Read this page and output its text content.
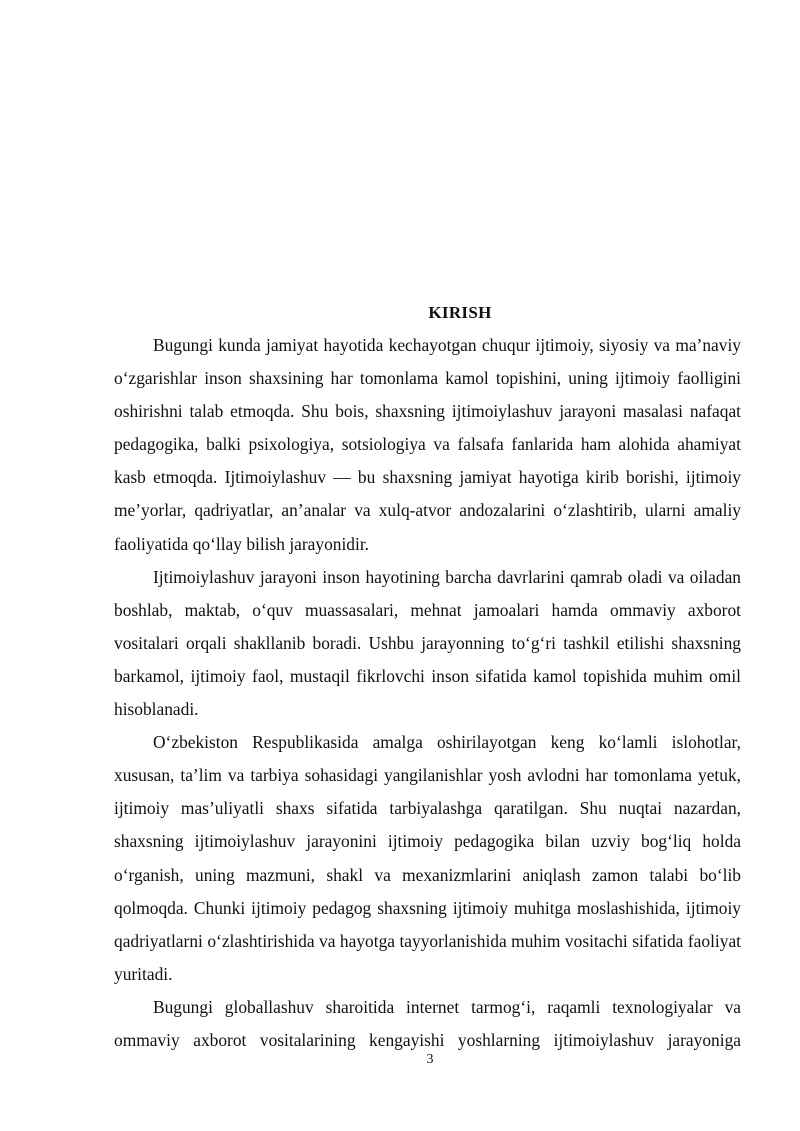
KIRISH

Bugungi kunda jamiyat hayotida kechayotgan chuqur ijtimoiy, siyosiy va ma’naviy o‘zgarishlar inson shaxsining har tomonlama kamol topishini, uning ijtimoiy faolligini oshirishni talab etmoqda. Shu bois, shaxsning ijtimoiylashuv jarayoni masalasi nafaqat pedagogika, balki psixologiya, sotsiologiya va falsafa fanlarida ham alohida ahamiyat kasb etmoqda. Ijtimoiylashuv — bu shaxsning jamiyat hayotiga kirib borishi, ijtimoiy me’yorlar, qadriyatlar, an’analar va xulq-atvor andozalarini o‘zlashtirib, ularni amaliy faoliyatida qo‘llay bilish jarayonidir.

Ijtimoiylashuv jarayoni inson hayotining barcha davrlarini qamrab oladi va oiladan boshlab, maktab, o‘quv muassasalari, mehnat jamoalari hamda ommaviy axborot vositalari orqali shakllanib boradi. Ushbu jarayonning to‘g‘ri tashkil etilishi shaxsning barkamol, ijtimoiy faol, mustaqil fikrlovchi inson sifatida kamol topishida muhim omil hisoblanadi.

O‘zbekiston Respublikasida amalga oshirilayotgan keng ko‘lamli islohotlar, xususan, ta’lim va tarbiya sohasidagi yangilanishlar yosh avlodni har tomonlama yetuk, ijtimoiy mas’uliyatli shaxs sifatida tarbiyalashga qaratilgan. Shu nuqtai nazardan, shaxsning ijtimoiylashuv jarayonini ijtimoiy pedagogika bilan uzviy bog‘liq holda o‘rganish, uning mazmuni, shakl va mexanizmlarini aniqlash zamon talabi bo‘lib qolmoqda. Chunki ijtimoiy pedagog shaxsning ijtimoiy muhitga moslashishida, ijtimoiy qadriyatlarni o‘zlashtirishida va hayotga tayyorlanishida muhim vositachi sifatida faoliyat yuritadi.

Bugungi globallashuv sharoitida internet tarmog‘i, raqamli texnologiyalar va ommaviy axborot vositalarining kengayishi yoshlarning ijtimoiylashuv jarayoniga

3
